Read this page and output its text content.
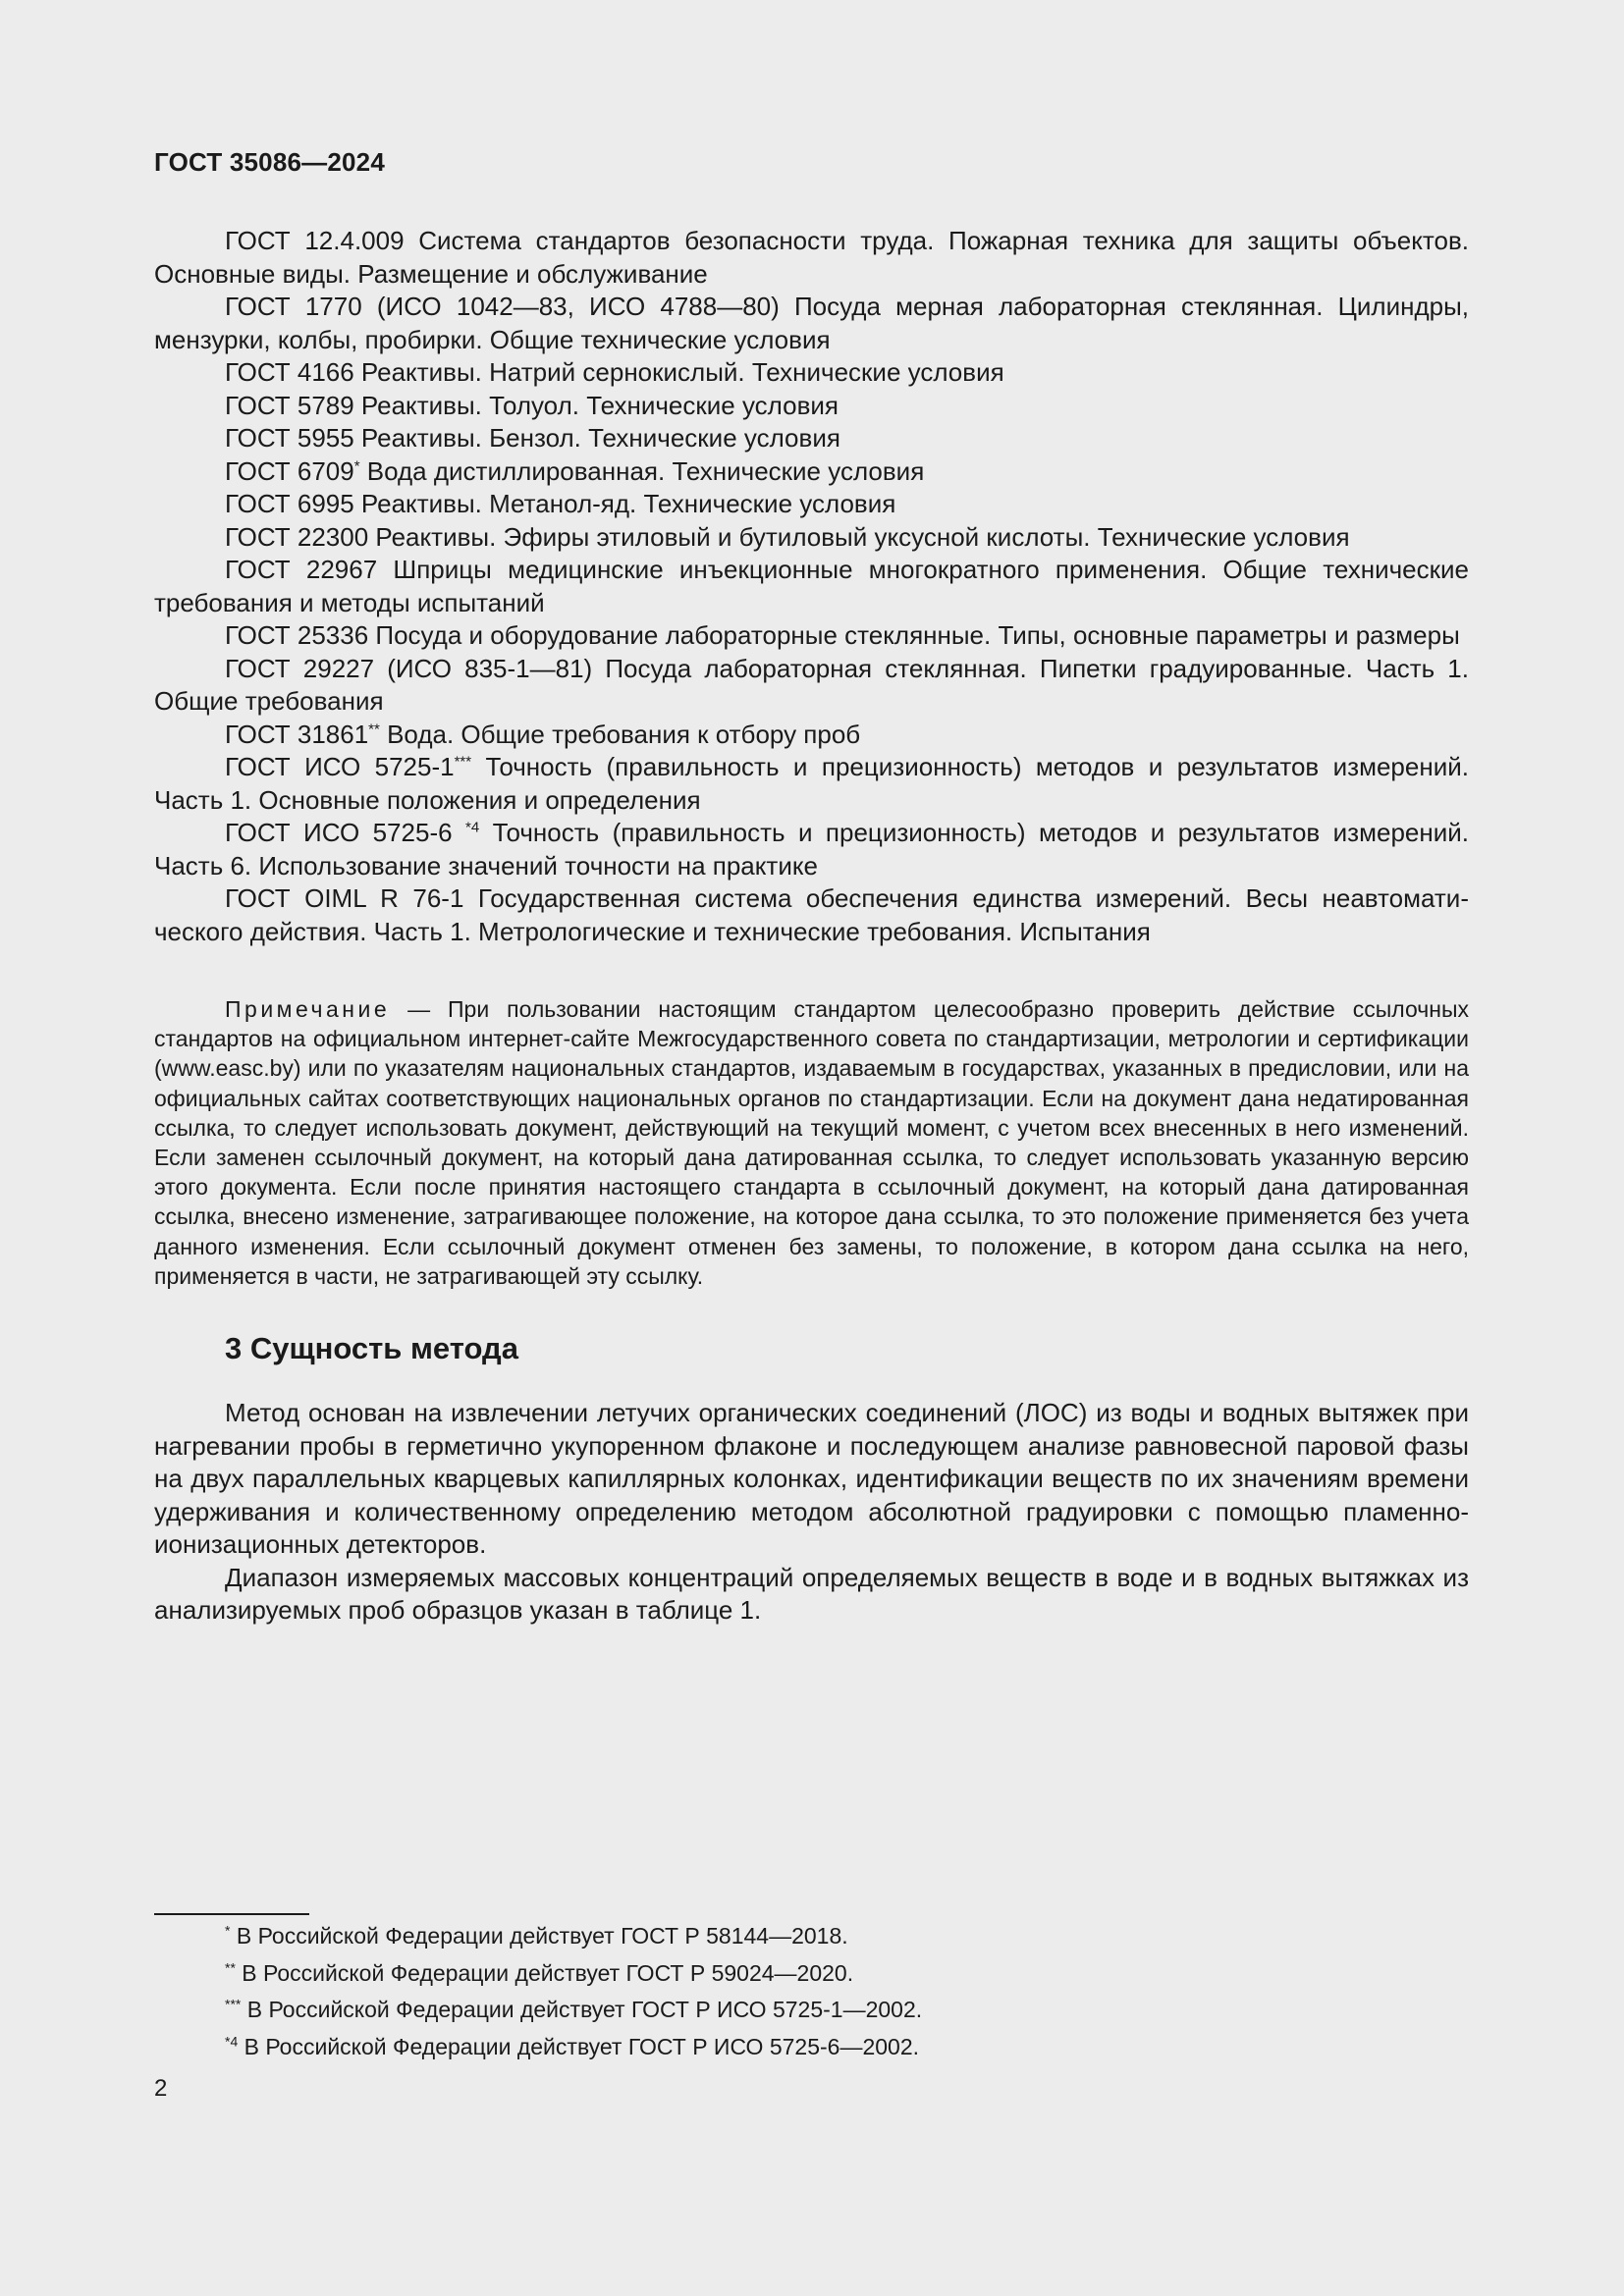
ГОСТ 35086—2024

ГОСТ 12.4.009 Система стандартов безопасности труда. Пожарная техника для защиты объектов. Основные виды. Размещение и обслуживание

ГОСТ 1770 (ИСО 1042—83, ИСО 4788—80) Посуда мерная лабораторная стеклянная. Цилиндры, мензурки, колбы, пробирки. Общие технические условия

ГОСТ 4166 Реактивы. Натрий сернокислый. Технические условия

ГОСТ 5789 Реактивы. Толуол. Технические условия

ГОСТ 5955 Реактивы. Бензол. Технические условия

ГОСТ 6709* Вода дистиллированная. Технические условия

ГОСТ 6995 Реактивы. Метанол-яд. Технические условия

ГОСТ 22300 Реактивы. Эфиры этиловый и бутиловый уксусной кислоты. Технические условия

ГОСТ 22967 Шприцы медицинские инъекционные многократного применения. Общие технические требования и методы испытаний

ГОСТ 25336 Посуда и оборудование лабораторные стеклянные. Типы, основные параметры и размеры

ГОСТ 29227 (ИСО 835-1—81) Посуда лабораторная стеклянная. Пипетки градуированные. Часть 1. Общие требования

ГОСТ 31861** Вода. Общие требования к отбору проб

ГОСТ ИСО 5725-1*** Точность (правильность и прецизионность) методов и результатов измерений. Часть 1. Основные положения и определения

ГОСТ ИСО 5725-6 $^{*4}$ Точность (правильность и прецизионность) методов и результатов измерений. Часть 6. Использование значений точности на практике

ГОСТ OIML R 76-1 Государственная система обеспечения единства измерений. Весы неавтоматического действия. Часть 1. Метрологические и технические требования. Испытания

Примечание — При пользовании настоящим стандартом целесообразно проверить действие ссылочных стандартов на официальном интернет-сайте Межгосударственного совета по стандартизации, метрологии и сертификации (www.easc.by) или по указателям национальных стандартов, издаваемым в государствах, указанных в предисловии, или на официальных сайтах соответствующих национальных органов по стандартизации. Если на документ дана недатированная ссылка, то следует использовать документ, действующий на текущий момент, с учетом всех внесенных в него изменений. Если заменен ссылочный документ, на который дана датированная ссылка, то следует использовать указанную версию этого документа. Если после принятия настоящего стандарта в ссылочный документ, на который дана датированная ссылка, внесено изменение, затрагивающее положение, на которое дана ссылка, то это положение применяется без учета данного изменения. Если ссылочный документ отменен без замены, то положение, в котором дана ссылка на него, применяется в части, не затрагивающей эту ссылку.

3 Сущность метода

Метод основан на извлечении летучих органических соединений (ЛОС) из воды и водных вытяжек при нагревании пробы в герметично укупоренном флаконе и последующем анализе равновесной паровой фазы на двух параллельных кварцевых капиллярных колонках, идентификации веществ по их значениям времени удерживания и количественному определению методом абсолютной градуировки с помощью пламенно-ионизационных детекторов.

Диапазон измеряемых массовых концентраций определяемых веществ в воде и в водных вытяжках из анализируемых проб образцов указан в таблице 1.

* В Российской Федерации действует ГОСТ Р 58144—2018.

** В Российской Федерации действует ГОСТ Р 59024—2020.

*** В Российской Федерации действует ГОСТ Р ИСО 5725-1—2002.

$^{*4}$ В Российской Федерации действует ГОСТ Р ИСО 5725-6—2002.

2
